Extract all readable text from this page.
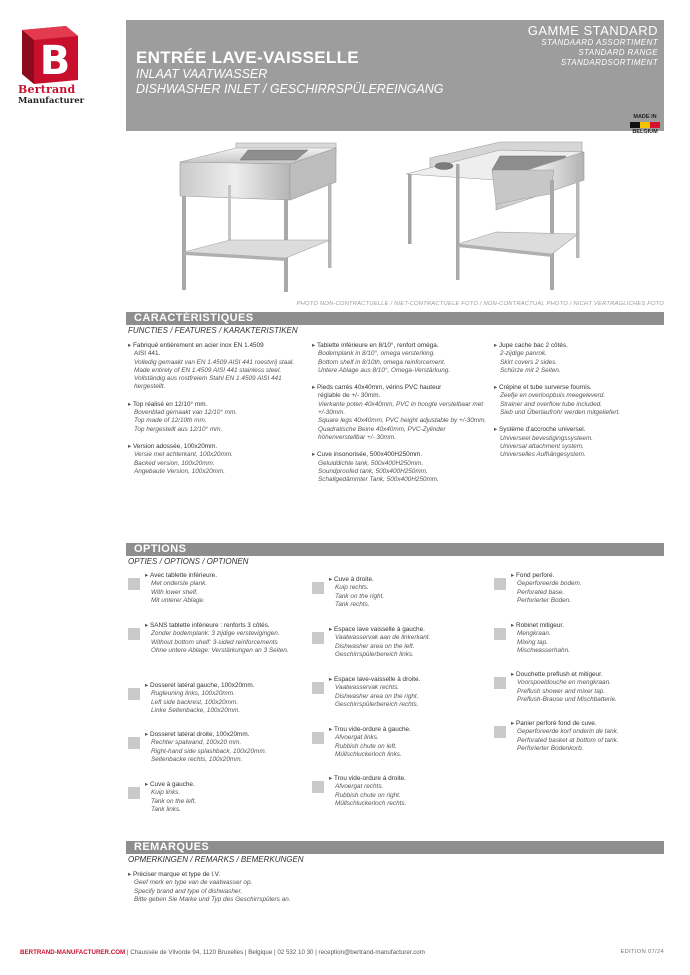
B
Bertrand
Manufacturer
ENTRÉE LAVE-VAISSELLE
INLAAT VAATWASSER
DISHWASHER INLET / GESCHIRRSPÜLEREINGANG
GAMME STANDARD
STANDAARD ASSORTIMENT
STANDARD RANGE
STANDARDSORTIMENT
MADE IN
BELGIUM
PHOTO NON-CONTRACTUELLE / NIET-CONTRACTUELE FOTO / NON-CONTRACTUAL PHOTO / NICHT VERTRAGLICHES FOTO
CARACTÉRISTIQUES
FUNCTIES / FEATURES / KARAKTERISTIKEN
▸ Fabriqué entièrement en acier inox EN 1.4509
AISI 441.
Volledig gemaakt van EN 1.4509 AISI 441 roestvrij staal.
Made entirely of EN 1.4509 AISI 441 stainless steel.
Vollständig aus rostfreiem Stahl EN 1.4509 AISI 441 hergestellt.
▸ Top réalisé en 12/10° mm.
Bovenblad gemaakt van 12/10° mm.
Top made of 12/10th mm.
Top hergestellt aus 12/10° mm.
▸ Version adossée, 100x20mm.
Versie met achterkant, 100x20mm.
Backed version, 100x20mm.
Angebaute Version, 100x20mm.
▸ Tablette inférieure en 8/10°, renfort oméga.
Bodemplank in 8/10°, omega versterking.
Bottom shelf in 8/10th, omega reinforcement.
Untere Ablage aus 8/10°, Omega-Verstärkung.
▸ Pieds carrés 40x40mm, vérins PVC hauteur
réglable de +/- 30mm.
Vierkante poten 40x40mm, PVC in hoogte verstelbaar met +/-30mm.
Square legs 40x40mm, PVC height adjustable by +/-30mm.
Quadratische Beine 40x40mm, PVC-Zylinder höhenverstellbar +/- 30mm.
▸ Cuve insonorisée, 500x400H250mm.
Geluiddichte tank, 500x400H250mm.
Soundproofed tank, 500x400H250mm.
Schallgedämmter Tank, 500x400H250mm.
▸ Jupe cache bac 2 côtés.
2-zijdige panrok.
Skirt covers 2 sides.
Schürze mit 2 Seiten.
▸ Crépine et tube surverse fournis.
Zeefje en overloopbuis meegeleverd.
Strainer and overflow tube included.
Sieb und Überlaufrohr werden mitgeliefert.
▸ Système d'accroche universel.
Universeel bevestigingssysteem.
Universal attachment system.
Universelles Aufhängesystem.
OPTIONS
OPTIES / OPTIONS / OPTIONEN
▸ Avec tablette inférieure.
Met onderste plank.
With lower shelf.
Mit unterer Ablage.
▸ SANS tablette inférieure : renforts 3 côtés.
Zonder bodemplank: 3 zijdige verstevigingen.
Without bottom shelf: 3-sided reinforcements
Ohne untere Ablage: Verstärkungen an 3 Seiten.
▸ Dosseret latéral gauche, 100x20mm.
Rugleuning links, 100x20mm.
Left side backrest, 100x20mm.
Linke Seitenbacke, 100x20mm.
▸ Dosseret latéral droite, 100x20mm.
Rechter spatwand, 100x20 mm.
Right-hand side splashback, 100x20mm.
Seitenbacke rechts, 100x20mm.
▸ Cuve à gauche.
Kuip links.
Tank on the left.
Tank links.
▸ Cuve à droite.
Kuip rechts.
Tank on the right.
Tank rechts.
▸ Espace lave vaisselle à gauche.
Vaatwasservak aan de linkerkant.
Dishwasher area on the left.
Geschirrspülerbereich links.
▸ Espace lave-vaisselle à droite.
Vaatwasservak rechts.
Dishwasher area on the right.
Geschirrspülerbereich rechts.
▸ Trou vide-ordure à gauche.
Afvoergat links.
Rubbish chute on left.
Müllschluckerloch links.
▸ Trou vide-ordure à droite.
Afvoergat rechts.
Rubbish chute on right.
Müllschluckerloch rechts.
▸ Fond perforé.
Geperforeerde bodem.
Perforated base.
Perforierter Boden.
▸ Robinet mitigeur.
Mengkraan.
Mixing tap.
Mischwasserhahn.
▸ Douchette preflush et mitigeur.
Voorspoeldouche en mengkraan.
Preflush shower and mixer tap.
Preflush-Brause und Mischbatterie.
▸ Panier perforé fond de cuve.
Geperforeerde korf onderin de tank.
Perforated basket at bottom of tank.
Perforierter Bodenkorb.
REMARQUES
OPMERKINGEN / REMARKS / BEMERKUNGEN
▸ Préciser marque et type de l.V.
Geef merk en type van de vaatwasser op.
Specify brand and type of dishwasher.
Bitte geben Sie Marke und Typ des Geschirrspülers an.
BERTRAND-MANUFACTURER.COM | Chaussée de Vilvorde 94, 1120 Bruxelles | Belgique | 02 532 10 30 | reception@bertrand-manufacturer.com	EDITION 07/24
